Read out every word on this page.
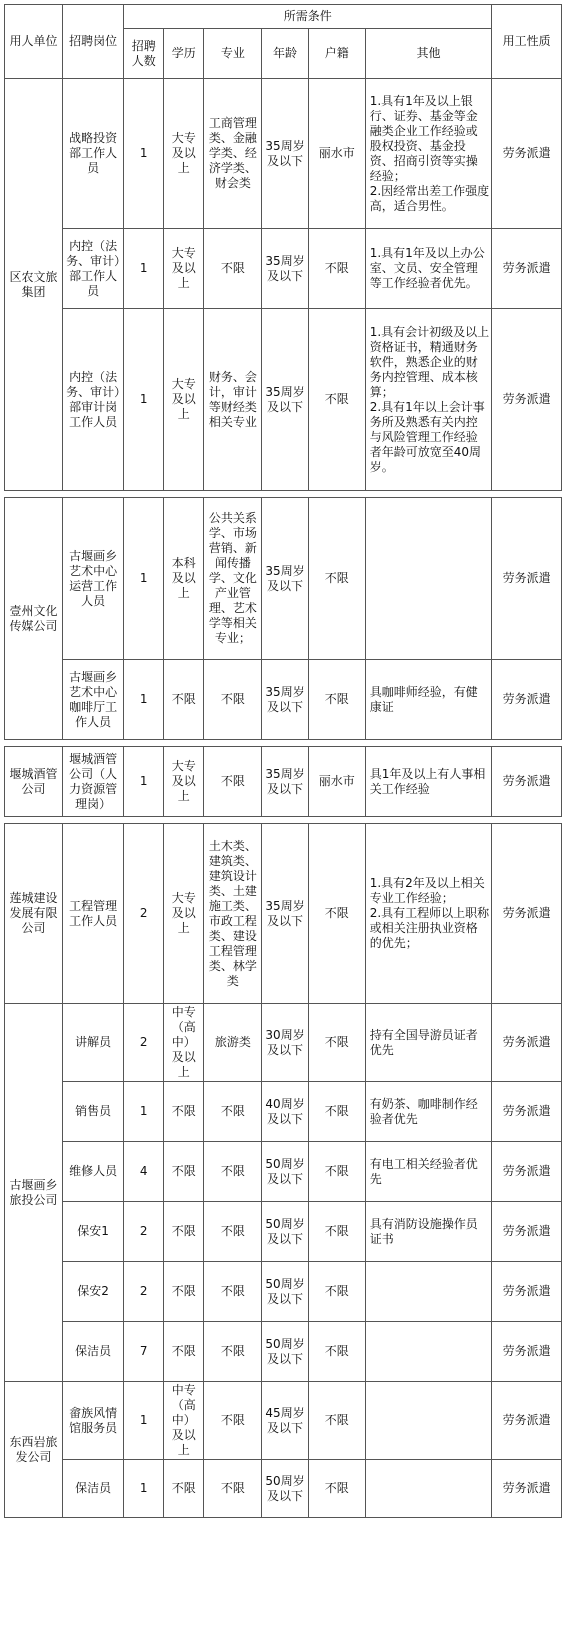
用人单位	招聘岗位	所需条件						用工性质
		招聘人数	学历	专业	年龄	户籍	其他	
区农文旅集团	战略投资部工作人员	1	大专及以上	工商管理类、金融学类、经济学类、财会类	35周岁及以下	丽水市	1.具有1年及以上银行、证券、基金等金融类企业工作经验或股权投资、基金投资、招商引资等实操经验；
2.因经常出差工作强度高，适合男性。	劳务派遣
	内控（法务、审计）部工作人员	1	大专及以上	不限	35周岁及以下	不限	1.具有1年及以上办公室、文员、安全管理等工作经验者优先。	劳务派遣
	内控（法务、审计）部审计岗工作人员	1	大专及以上	财务、会计，审计等财经类相关专业	35周岁及以下	不限	1.具有会计初级及以上资格证书，精通财务软件，熟悉企业的财务内控管理、成本核算；
2.具有1年以上会计事务所及熟悉有关内控与风险管理工作经验者年龄可放宽至40周岁。	劳务派遣

壹州文化传媒公司	古堰画乡艺术中心运营工作人员	1	本科及以上	公共关系学、市场营销、新闻传播学、文化产业管理、艺术学等相关专业；	35周岁及以下	不限		劳务派遣
	古堰画乡艺术中心咖啡厅工作人员	1	不限	不限	35周岁及以下	不限	具咖啡师经验，有健康证	劳务派遣

堰城酒管公司	堰城酒管公司（人力资源管理岗）	1	大专及以上	不限	35周岁及以下	丽水市	具1年及以上有人事相关工作经验	劳务派遣

莲城建设发展有限公司	工程管理工作人员	2	大专及以上	土木类、建筑类、建筑设计类、土建施工类、市政工程类、建设工程管理类、林学类	35周岁及以下	不限	1.具有2年及以上相关专业工作经验；
2.具有工程师以上职称或相关注册执业资格的优先；	劳务派遣
古堰画乡旅投公司	讲解员	2	中专（高中）及以上	旅游类	30周岁及以下	不限	持有全国导游员证者优先	劳务派遣
	销售员	1	不限	不限	40周岁及以下	不限	有奶茶、咖啡制作经验者优先	劳务派遣
	维修人员	4	不限	不限	50周岁及以下	不限	有电工相关经验者优先	劳务派遣
	保安1	2	不限	不限	50周岁及以下	不限	具有消防设施操作员证书	劳务派遣
	保安2	2	不限	不限	50周岁及以下	不限		劳务派遣
	保洁员	7	不限	不限	50周岁及以下	不限		劳务派遣
东西岩旅发公司	畲族风情馆服务员	1	中专（高中）及以上	不限	45周岁及以下	不限		劳务派遣
	保洁员	1	不限	不限	50周岁及以下	不限		劳务派遣
